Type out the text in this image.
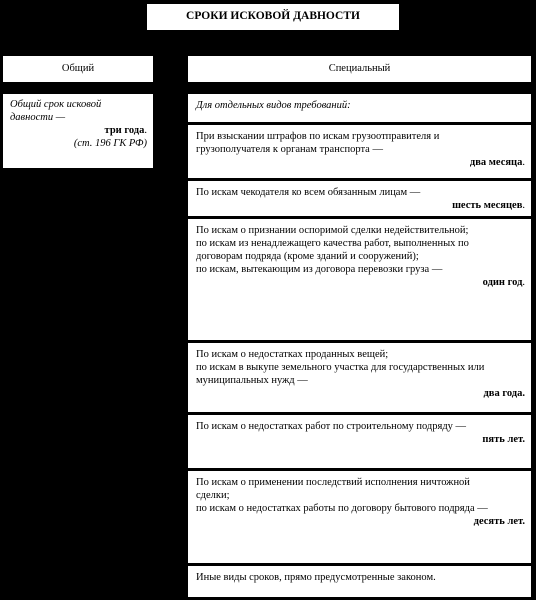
СРОКИ ИСКОВОЙ ДАВНОСТИ
Общий	Специальный
Общий срок исковой
давности —
три года.
(ст. 196 ГК РФ)
Для отдельных видов требований:
При взыскании штрафов по искам грузоотправителя и
грузополучателя к органам транспорта —
два месяца.
По искам чекодателя ко всем обязанным лицам —
шесть месяцев.
По искам о признании оспоримой сделки недействительной;
по искам из ненадлежащего качества работ, выполненных по
договорам подряда (кроме зданий и сооружений);
по искам, вытекающим из договора перевозки груза —
один год.
По искам о недостатках проданных вещей;
по искам в выкупе земельного участка для государственных или
муниципальных нужд —
два года.
По искам о недостатках работ по строительному подряду —
пять лет.
По искам о применении последствий исполнения ничтожной
сделки;
по искам о недостатках работы по договору бытового подряда —
десять лет.
Иные виды сроков, прямо предусмотренные законом.
